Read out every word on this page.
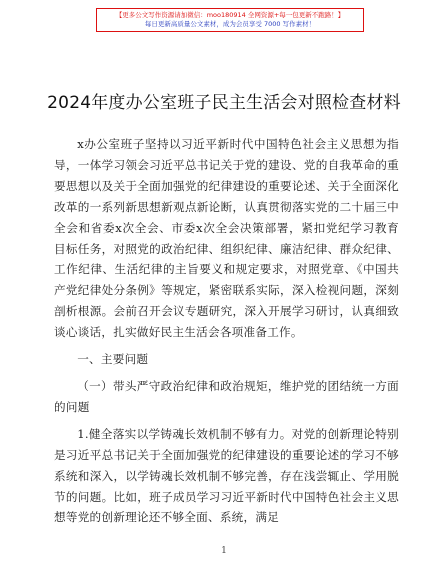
【更多公文写作资源请加微信：moo180914 全网资源+每一包更新不跑路！】
每日更新高质量公文素材，成为会员享受 7000 写作素材！
2024年度办公室班子民主生活会对照检查材料

x办公室班子坚持以习近平新时代中国特色社会主义思想为指导，一体学习领会习近平总书记关于党的建设、党的自我革命的重要思想以及关于全面加强党的纪律建设的重要论述、关于全面深化改革的一系列新思想新观点新论断，认真贯彻落实党的二十届三中全会和省委x次全会、市委x次全会决策部署，紧扣党纪学习教育目标任务，对照党的政治纪律、组织纪律、廉洁纪律、群众纪律、工作纪律、生活纪律的主旨要义和规定要求，对照党章、《中国共产党纪律处分条例》等规定，紧密联系实际，深入检视问题，深刻剖析根源。会前召开会议专题研究，深入开展学习研讨，认真细致谈心谈话，扎实做好民主生活会各项准备工作。

一、主要问题

（一）带头严守政治纪律和政治规矩，维护党的团结统一方面的问题

1.健全落实以学铸魂长效机制不够有力。对党的创新理论特别是习近平总书记关于全面加强党的纪律建设的重要论述的学习不够系统和深入，以学铸魂长效机制不够完善，存在浅尝辄止、学用脱节的问题。比如，班子成员学习习近平新时代中国特色社会主义思想等党的创新理论还不够全面、系统，满足

1
